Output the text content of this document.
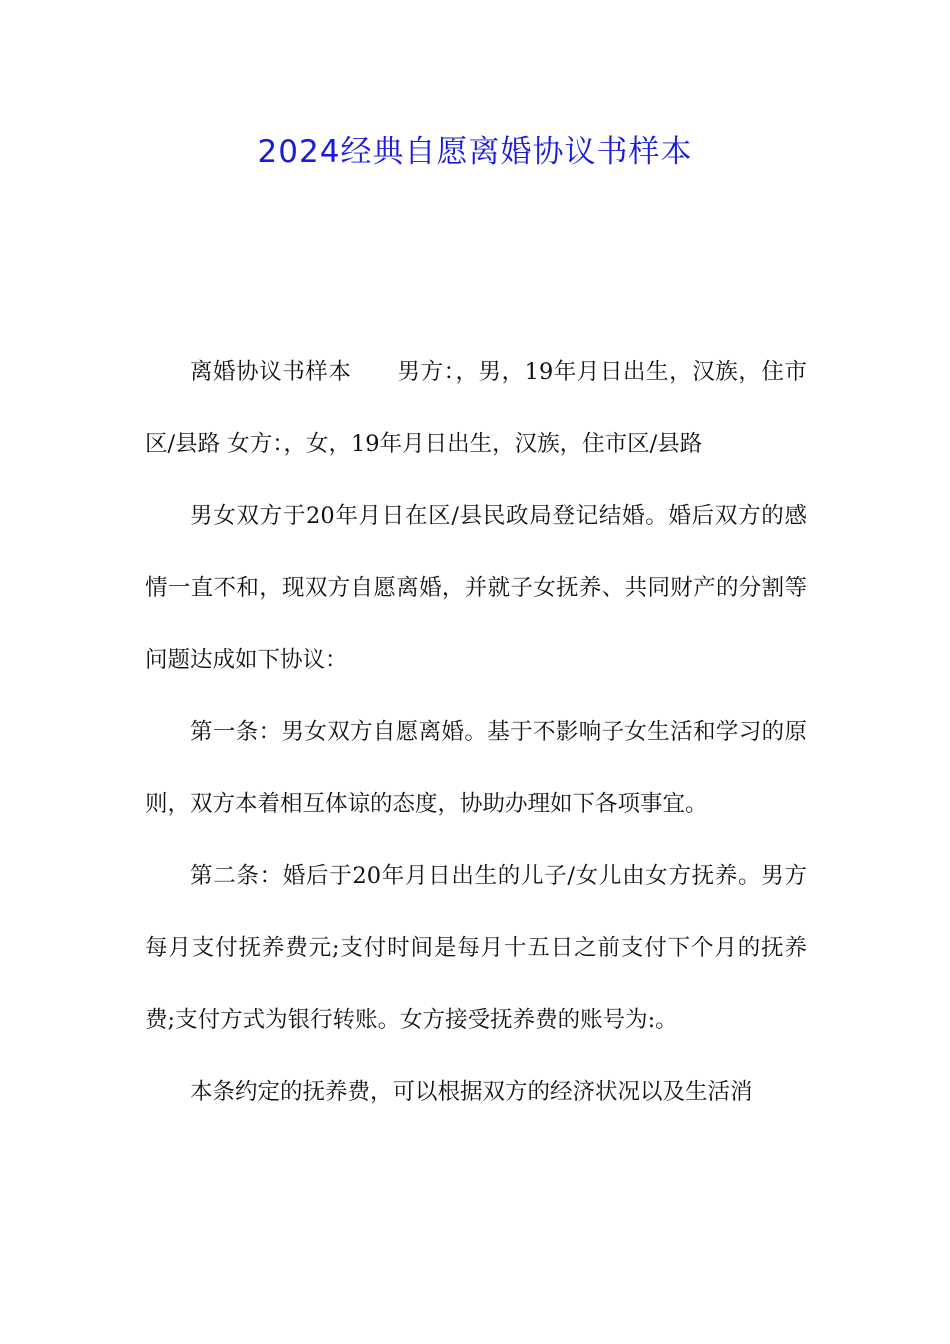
2024经典自愿离婚协议书样本

离婚协议书样本　　男方：，男，19年月日出生，汉族，住市区/县路 女方：，女，19年月日出生，汉族，住市区/县路

男女双方于20年月日在区/县民政局登记结婚。婚后双方的感情一直不和，现双方自愿离婚，并就子女抚养、共同财产的分割等问题达成如下协议：

第一条：男女双方自愿离婚。基于不影响子女生活和学习的原则，双方本着相互体谅的态度，协助办理如下各项事宜。

第二条：婚后于20年月日出生的儿子/女儿由女方抚养。男方每月支付抚养费元;支付时间是每月十五日之前支付下个月的抚养费;支付方式为银行转账。女方接受抚养费的账号为:。

本条约定的抚养费，可以根据双方的经济状况以及生活消
